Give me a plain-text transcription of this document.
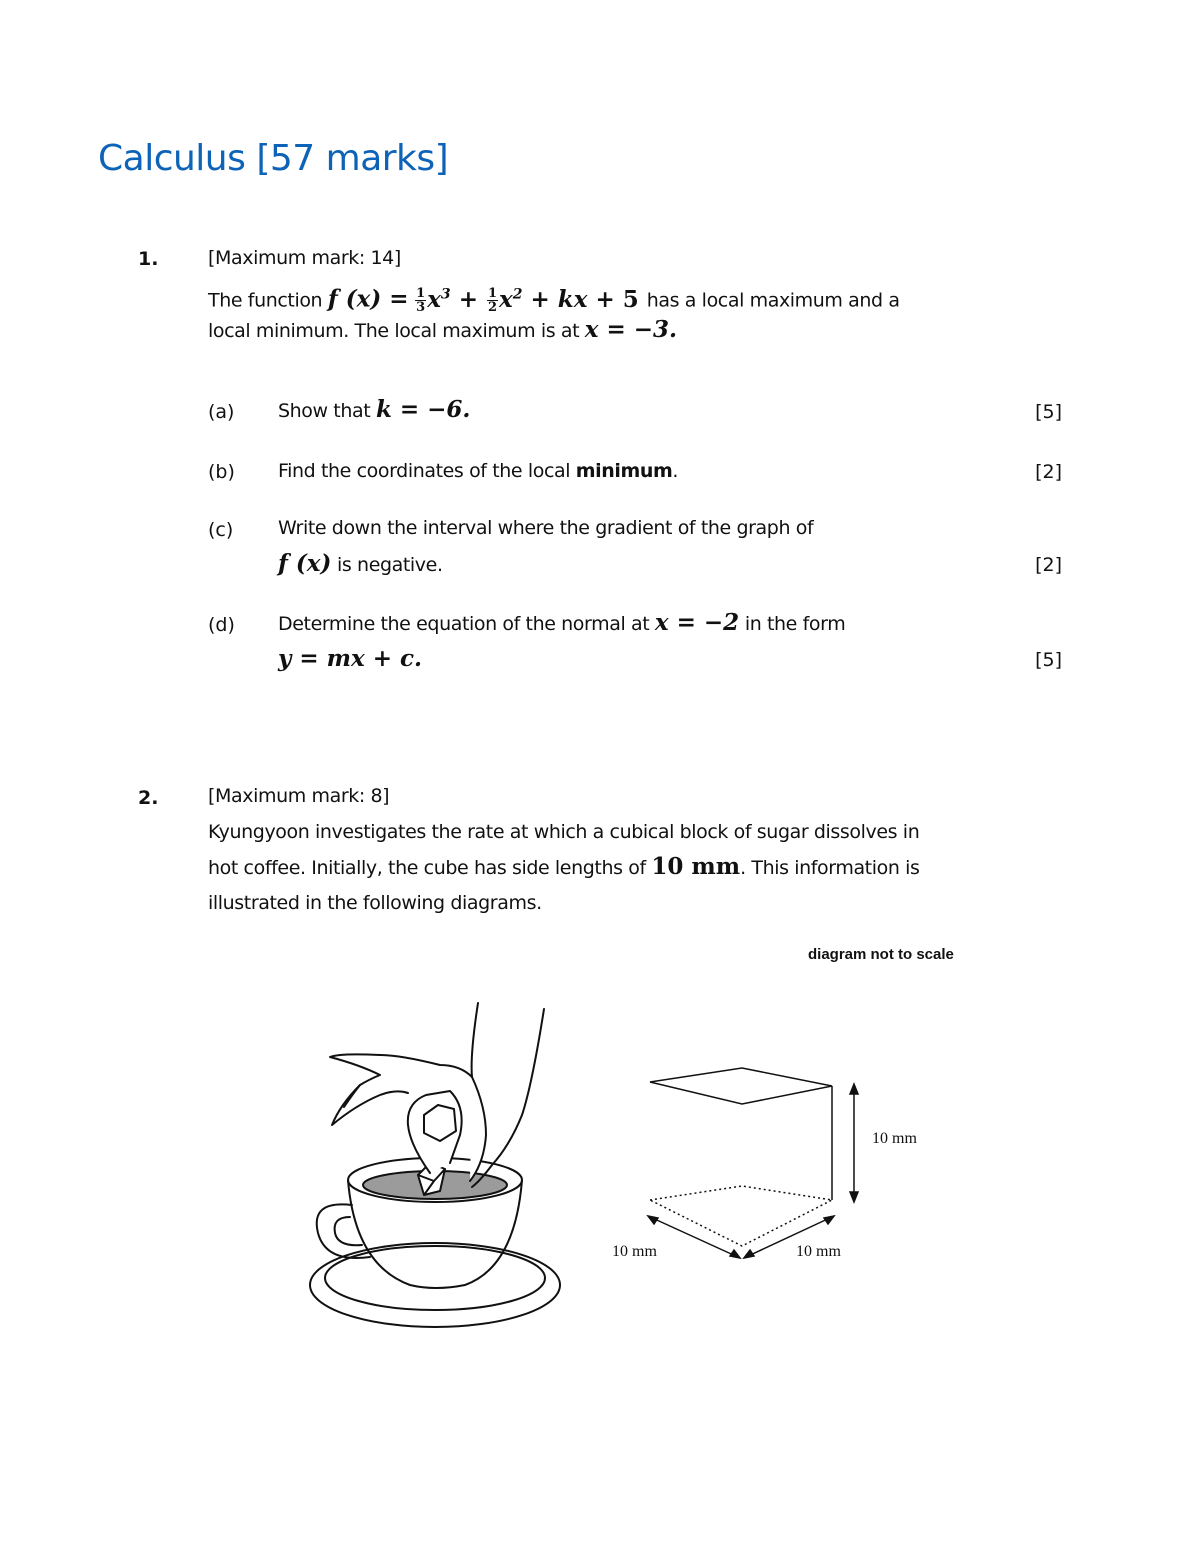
Calculus [57 marks]
1.	[Maximum mark: 14]
The function f $(x) = \frac{1}{3} x^3 + \frac{1}{2} x^2$ + kx + 5 has a local maximum and a
local minimum. The local maximum is at x = −3.
(a) Show that k = −6.	[5]
(b) Find the coordinates of the local minimum.	[2]
(c) Write down the interval where the gradient of the graph of
f (x) is negative.	[2]
(d) Determine the equation of the normal at x = −2 in the form
y = mx + c.	[5]
2.	[Maximum mark: 8]
Kyungyoon investigates the rate at which a cubical block of sugar dissolves in
hot coffee. Initially, the cube has side lengths of 10 mm. This information is
illustrated in the following diagrams.
diagram not to scale
10 mm
10 mm	10 mm
